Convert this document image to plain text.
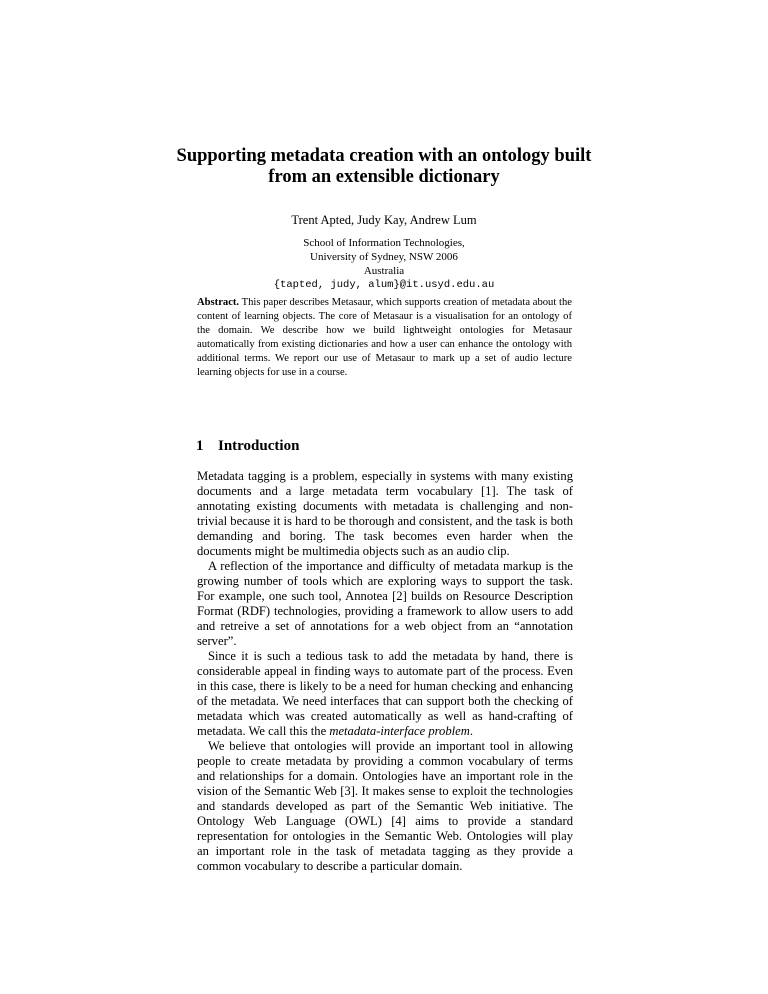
Supporting metadata creation with an ontology built
from an extensible dictionary
Trent Apted, Judy Kay, Andrew Lum
School of Information Technologies,
University of Sydney, NSW 2006
Australia
{tapted, judy, alum}@it.usyd.edu.au
Abstract. This paper describes Metasaur, which supports creation of metadata about the content of learning objects. The core of Metasaur is a visualisation for an ontology of the domain. We describe how we build lightweight ontologies for Metasaur automatically from existing dictionaries and how a user can enhance the ontology with additional terms. We report our use of Metasaur to mark up a set of audio lecture learning objects for use in a course.
1 Introduction

Metadata tagging is a problem, especially in systems with many existing documents and a large metadata term vocabulary [1]. The task of annotating existing documents with metadata is challenging and non-trivial because it is hard to be thorough and consistent, and the task is both demanding and boring. The task becomes even harder when the documents might be multimedia objects such as an audio clip.

A reflection of the importance and difficulty of metadata markup is the growing number of tools which are exploring ways to support the task. For example, one such tool, Annotea [2] builds on Resource Description Format (RDF) technologies, providing a framework to allow users to add and retreive a set of annotations for a web object from an “annotation server”.

Since it is such a tedious task to add the metadata by hand, there is considerable appeal in finding ways to automate part of the process. Even in this case, there is likely to be a need for human checking and enhancing of the metadata. We need interfaces that can support both the checking of metadata which was created automatically as well as hand-crafting of metadata. We call this the metadata-interface problem.

We believe that ontologies will provide an important tool in allowing people to create metadata by providing a common vocabulary of terms and relationships for a domain. Ontologies have an important role in the vision of the Semantic Web [3]. It makes sense to exploit the technologies and standards developed as part of the Semantic Web initiative. The Ontology Web Language (OWL) [4] aims to provide a standard representation for ontologies in the Semantic Web. Ontologies will play an important role in the task of metadata tagging as they provide a common vocabulary to describe a particular domain.
